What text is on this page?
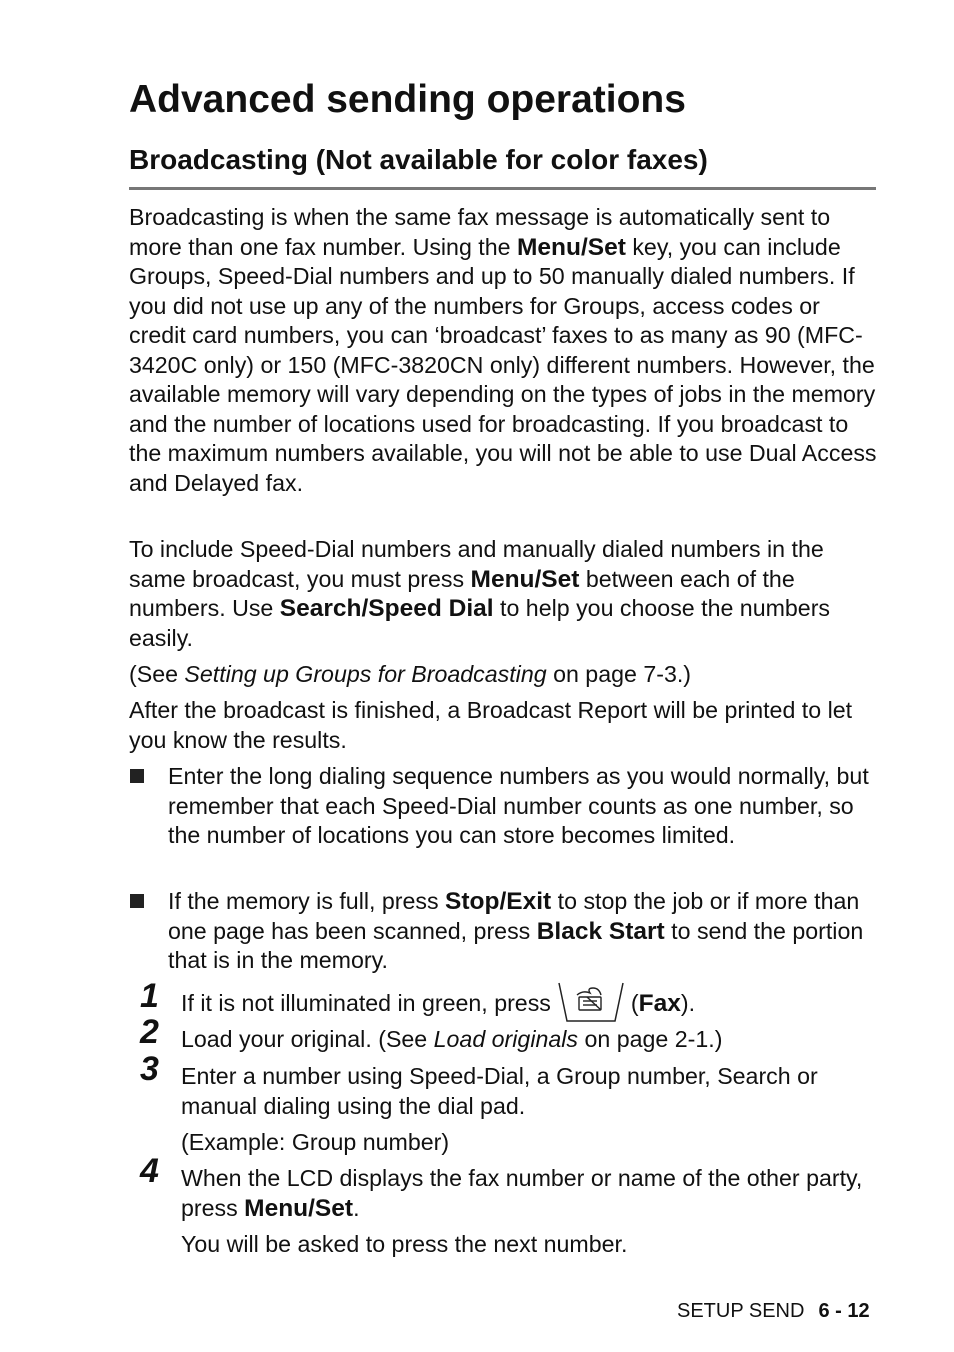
Advanced sending operations
Broadcasting (Not available for color faxes)

Broadcasting is when the same fax message is automatically sent to more than one fax number. Using the Menu/Set key, you can include Groups, Speed-Dial numbers and up to 50 manually dialed numbers. If you did not use up any of the numbers for Groups, access codes or credit card numbers, you can ‘broadcast’ faxes to as many as 90 (MFC-3420C only) or 150 (MFC-3820CN only) different numbers. However, the available memory will vary depending on the types of jobs in the memory and the number of locations used for broadcasting. If you broadcast to the maximum numbers available, you will not be able to use Dual Access and Delayed fax.

To include Speed-Dial numbers and manually dialed numbers in the same broadcast, you must press Menu/Set between each of the numbers. Use Search/Speed Dial to help you choose the numbers easily.

(See Setting up Groups for Broadcasting on page 7-3.)

After the broadcast is finished, a Broadcast Report will be printed to let you know the results.

Enter the long dialing sequence numbers as you would normally, but remember that each Speed-Dial number counts as one number, so the number of locations you can store becomes limited.
If the memory is full, press Stop/Exit to stop the job or if more than one page has been scanned, press Black Start to send the portion that is in the memory.
1 If it is not illuminated in green, press	(Fax).
2 Load your original. (See Load originals on page 2-1.)
3 Enter a number using Speed-Dial, a Group number, Search or manual dialing using the dial pad.
(Example: Group number)
4 When the LCD displays the fax number or name of the other party, press Menu/Set.
You will be asked to press the next number.
SETUP SEND 6 - 12
